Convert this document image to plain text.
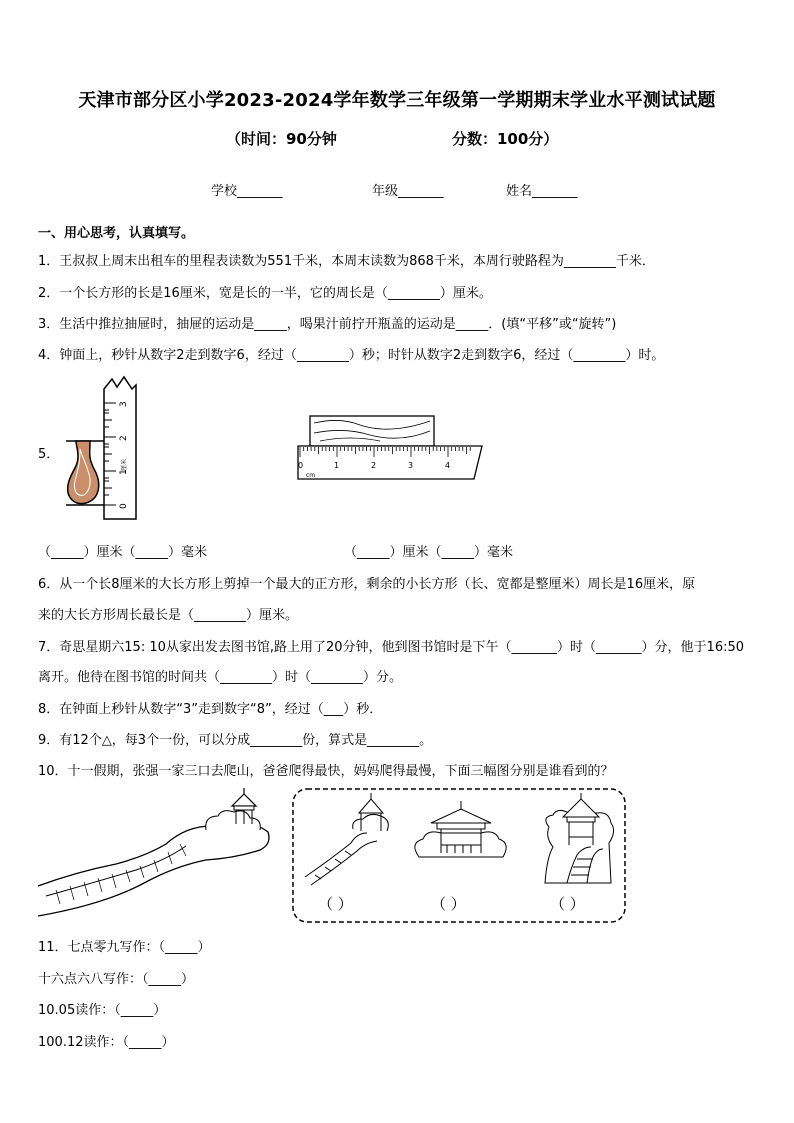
天津市部分区小学2023-2024学年数学三年级第一学期期末学业水平测试试题
（时间：90分钟	分数：100分）
学校_______	年级_______	姓名_______
一、用心思考，认真填写。
1．王叔叔上周末出租车的里程表读数为551千米，本周末读数为868千米，本周行驶路程为________千米．
2．一个长方形的长是16厘米，宽是长的一半，它的周长是（________）厘米。
3．生活中推拉抽屉时，抽屉的运动是_____，喝果汁前拧开瓶盖的运动是_____．(填“平移”或“旋转”)
4．钟面上，秒针从数字2走到数字6，经过（________）秒；时针从数字2走到数字6，经过（________）时。
5．
3
2
1
0
厘米	0	1	2	3	4
cm
（_____）厘米（_____）毫米	（_____）厘米（_____）毫米
6．从一个长8厘米的大长方形上剪掉一个最大的正方形，剩余的小长方形（长、宽都是整厘米）周长是16厘米，原
来的大长方形周长最长是（________）厘米。
7．奇思星期六15: 10从家出发去图书馆,路上用了20分钟，他到图书馆时是下午（_______）时（_______）分，他于16:50
离开。他待在图书馆的时间共（________）时（________）分。
8．在钟面上秒针从数字“3”走到数字“8”，经过（___）秒．
9．有12个△，每3个一份，可以分成________份，算式是________。
10．十一假期，张强一家三口去爬山，爸爸爬得最快，妈妈爬得最慢，下面三幅图分别是谁看到的？
（ ）	（ ）	（ ）
11．七点零九写作：（_____）
十六点六八写作：（_____）
10.05读作：（_____）
100.12读作：（_____）
